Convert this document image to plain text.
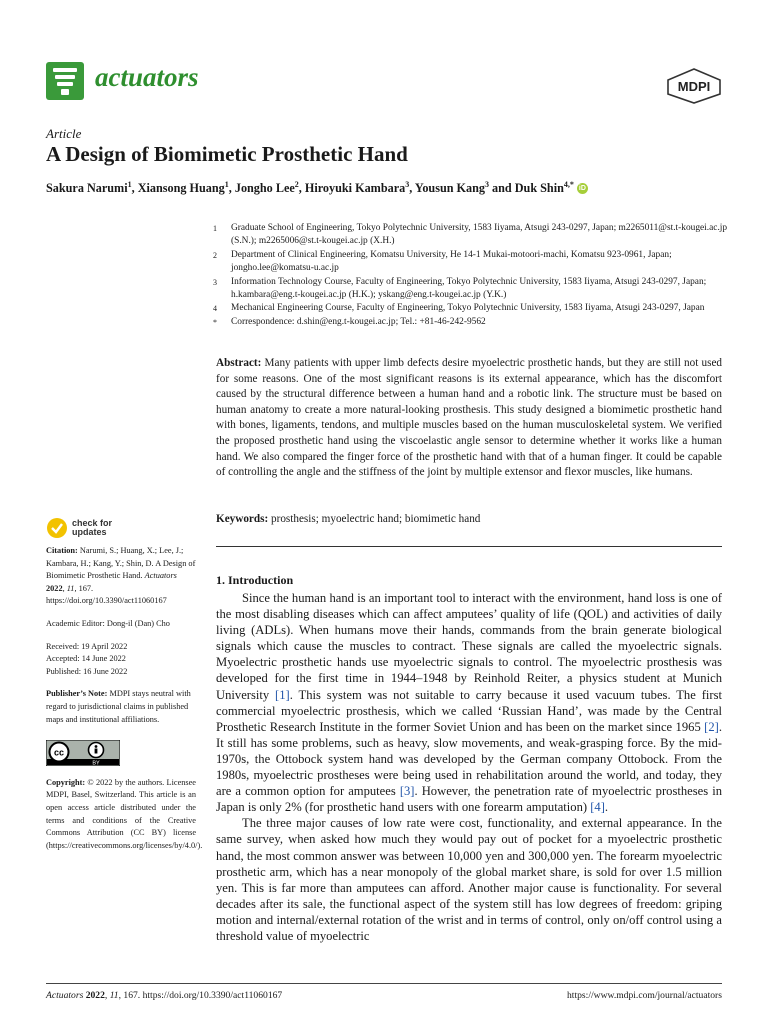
actuators	MDPI
Article
A Design of Biomimetic Prosthetic Hand
Sakura Narumi$^1$, Xiansong Huang$^1$, Jongho Lee$^2$, Hiroyuki Kambara$^3$, Yousun Kang$^3$ and Duk Shin$^{4,*}$ iD
1	Graduate School of Engineering, Tokyo Polytechnic University, 1583 Iiyama, Atsugi 243-0297, Japan; m2265011@st.t-kougei.ac.jp (S.N.); m2265006@st.t-kougei.ac.jp (X.H.)
2	Department of Clinical Engineering, Komatsu University, He 14-1 Mukai-motoori-machi, Komatsu 923-0961, Japan; jongho.lee@komatsu-u.ac.jp
3	Information Technology Course, Faculty of Engineering, Tokyo Polytechnic University, 1583 Iiyama, Atsugi 243-0297, Japan; h.kambara@eng.t-kougei.ac.jp (H.K.); yskang@eng.t-kougei.ac.jp (Y.K.)
4	Mechanical Engineering Course, Faculty of Engineering, Tokyo Polytechnic University, 1583 Iiyama, Atsugi 243-0297, Japan
*	Correspondence: d.shin@eng.t-kougei.ac.jp; Tel.: +81-46-242-9562
Abstract: Many patients with upper limb defects desire myoelectric prosthetic hands, but they are still not used for some reasons. One of the most significant reasons is its external appearance, which has the discomfort caused by the structural difference between a human hand and a robotic link. The structure must be based on human anatomy to create a more natural-looking prosthesis. This study designed a biomimetic prosthetic hand with bones, ligaments, tendons, and multiple muscles based on the human musculoskeletal system. We verified the proposed prosthetic hand using the viscoelastic angle sensor to determine whether it works like a human hand. We also compared the finger force of the prosthetic hand with that of a human finger. It could be capable of controlling the angle and the stiffness of the joint by multiple extensor and flexor muscles, like humans.
Keywords: prosthesis; myoelectric hand; biomimetic hand
check for
updates
Citation: Narumi, S.; Huang, X.; Lee, J.; Kambara, H.; Kang, Y.; Shin, D. A Design of Biomimetic Prosthetic Hand. Actuators 2022, 11, 167. https://doi.org/10.3390/act11060167
Academic Editor: Dong-il (Dan) Cho
Received: 19 April 2022
Accepted: 14 June 2022
Published: 16 June 2022
Publisher’s Note: MDPI stays neutral with regard to jurisdictional claims in published maps and institutional affiliations.
cc
BY
Copyright: © 2022 by the authors. Licensee MDPI, Basel, Switzerland. This article is an open access article distributed under the terms and conditions of the Creative Commons Attribution (CC BY) license (https://creativecommons.org/licenses/by/4.0/).
1. Introduction

Since the human hand is an important tool to interact with the environment, hand loss is one of the most disabling diseases which can affect amputees’ quality of life (QOL) and activities of daily living (ADLs). When humans move their hands, commands from the brain generate biological signals which cause the muscles to contract. These signals are called the myoelectric signals. Myoelectric prosthetic hands use myoelectric signals to control. The myoelectric prosthesis was developed for the first time in 1944–1948 by Reinhold Reiter, a physics student at Munich University [1]. This system was not suitable to carry because it used vacuum tubes. The first commercial myoelectric prosthesis, which we called ‘Russian Hand’, was made by the Central Prosthetic Research Institute in the former Soviet Union and has been on the market since 1965 [2]. It still has some problems, such as heavy, slow movements, and weak-grasping force. By the mid-1970s, the Ottobock system hand was developed by the German company Ottobock. From the 1980s, myoelectric prostheses were being used in rehabilitation around the world, and today, they are a common option for amputees [3]. However, the penetration rate of myoelectric prostheses in Japan is only 2% (for prosthetic hand users with one forearm amputation) [4].

The three major causes of low rate were cost, functionality, and external appearance. In the same survey, when asked how much they would pay out of pocket for a myoelectric prosthetic hand, the most common answer was between 10,000 yen and 300,000 yen. The forearm myoelectric prosthetic arm, which has a near monopoly of the global market share, is sold for over 1.5 million yen. This is far more than amputees can afford. Another major cause is functionality. For several decades after its sale, the functional aspect of the system still has low degrees of freedom: griping motion and internal/external rotation of the wrist and in terms of control, only on/off control using a threshold value of myoelectric

Actuators 2022, 11, 167. https://doi.org/10.3390/act11060167	https://www.mdpi.com/journal/actuators
